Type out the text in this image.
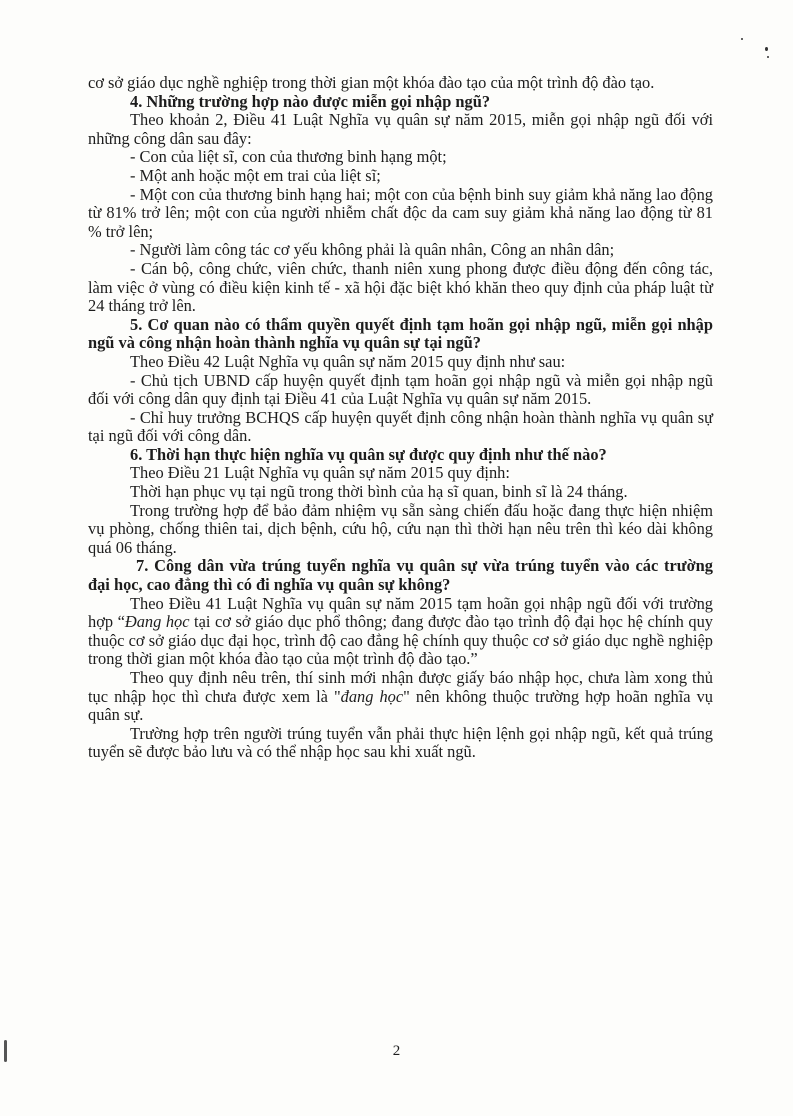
cơ sở giáo dục nghề nghiệp trong thời gian một khóa đào tạo của một trình độ đào tạo.

4. Những trường hợp nào được miễn gọi nhập ngũ?

Theo khoản 2, Điều 41 Luật Nghĩa vụ quân sự năm 2015, miễn gọi nhập ngũ đối với những công dân sau đây:

- Con của liệt sĩ, con của thương binh hạng một;

- Một anh hoặc một em trai của liệt sĩ;

- Một con của thương binh hạng hai; một con của bệnh binh suy giảm khả năng lao động từ 81% trở lên; một con của người nhiễm chất độc da cam suy giảm khả năng lao động từ 81 % trở lên;

- Người làm công tác cơ yếu không phải là quân nhân, Công an nhân dân;

- Cán bộ, công chức, viên chức, thanh niên xung phong được điều động đến công tác, làm việc ở vùng có điều kiện kinh tế - xã hội đặc biệt khó khăn theo quy định của pháp luật từ 24 tháng trở lên.

5. Cơ quan nào có thẩm quyền quyết định tạm hoãn gọi nhập ngũ, miễn gọi nhập ngũ và công nhận hoàn thành nghĩa vụ quân sự tại ngũ?

Theo Điều 42 Luật Nghĩa vụ quân sự năm 2015 quy định như sau:

- Chủ tịch UBND cấp huyện quyết định tạm hoãn gọi nhập ngũ và miễn gọi nhập ngũ đối với công dân quy định tại Điều 41 của Luật Nghĩa vụ quân sự năm 2015.

- Chỉ huy trưởng BCHQS cấp huyện quyết định công nhận hoàn thành nghĩa vụ quân sự tại ngũ đối với công dân.

6. Thời hạn thực hiện nghĩa vụ quân sự được quy định như thế nào?

Theo Điều 21 Luật Nghĩa vụ quân sự năm 2015 quy định:

Thời hạn phục vụ tại ngũ trong thời bình của hạ sĩ quan, binh sĩ là 24 tháng.

Trong trường hợp để bảo đảm nhiệm vụ sẵn sàng chiến đấu hoặc đang thực hiện nhiệm vụ phòng, chống thiên tai, dịch bệnh, cứu hộ, cứu nạn thì thời hạn nêu trên thì kéo dài không quá 06 tháng.

7. Công dân vừa trúng tuyển nghĩa vụ quân sự vừa trúng tuyển vào các trường đại học, cao đẳng thì có đi nghĩa vụ quân sự không?

Theo Điều 41 Luật Nghĩa vụ quân sự năm 2015 tạm hoãn gọi nhập ngũ đối với trường hợp “Đang học tại cơ sở giáo dục phổ thông; đang được đào tạo trình độ đại học hệ chính quy thuộc cơ sở giáo dục đại học, trình độ cao đẳng hệ chính quy thuộc cơ sở giáo dục nghề nghiệp trong thời gian một khóa đào tạo của một trình độ đào tạo.”

Theo quy định nêu trên, thí sinh mới nhận được giấy báo nhập học, chưa làm xong thủ tục nhập học thì chưa được xem là "đang học" nên không thuộc trường hợp hoãn nghĩa vụ quân sự.

Trường hợp trên người trúng tuyển vẫn phải thực hiện lệnh gọi nhập ngũ, kết quả trúng tuyển sẽ được bảo lưu và có thể nhập học sau khi xuất ngũ.

2
